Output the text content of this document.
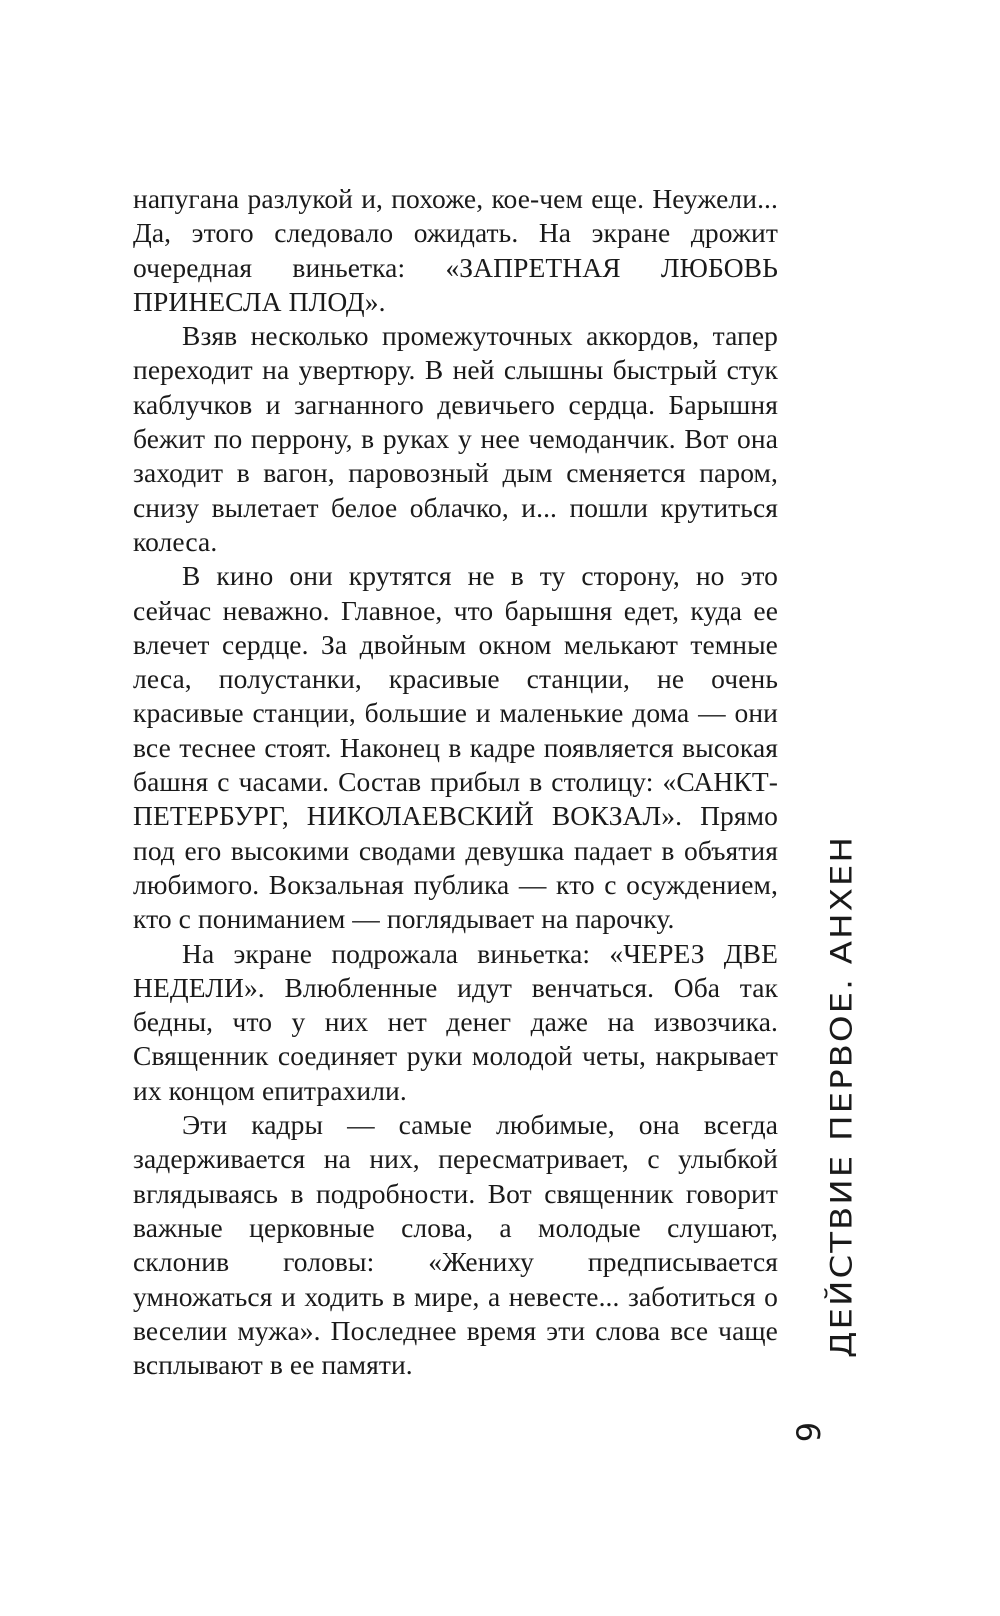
напугана разлукой и, похоже, кое-чем еще. Неужели... Да, этого следовало ожидать. На экране дрожит очередная виньетка: «ЗАПРЕТНАЯ ЛЮБОВЬ ПРИНЕСЛА ПЛОД».

Взяв несколько промежуточных аккордов, тапер переходит на увертюру. В ней слышны быстрый стук каблучков и загнанного девичьего сердца. Барышня бежит по перрону, в руках у нее чемоданчик. Вот она заходит в вагон, паровозный дым сменяется паром, снизу вылетает белое облачко, и... пошли крутиться колеса.

В кино они крутятся не в ту сторону, но это сейчас неважно. Главное, что барышня едет, куда ее влечет сердце. За двойным окном мелькают темные леса, полустанки, красивые станции, не очень красивые станции, большие и маленькие дома — они все теснее стоят. Наконец в кадре появляется высокая башня с часами. Состав прибыл в столицу: «САНКТ-ПЕТЕРБУРГ, НИКОЛАЕВСКИЙ ВОКЗАЛ». Прямо под его высокими сводами девушка падает в объятия любимого. Вокзальная публика — кто с осуждением, кто с пониманием — поглядывает на парочку.

На экране подрожала виньетка: «ЧЕРЕЗ ДВЕ НЕДЕЛИ». Влюбленные идут венчаться. Оба так бедны, что у них нет денег даже на извозчика. Священник соединяет руки молодой четы, накрывает их концом епитрахили.

Эти кадры — самые любимые, она всегда задерживается на них, пересматривает, с улыбкой вглядываясь в подробности. Вот священник говорит важные церковные слова, а молодые слушают, склонив головы: «Жениху предписывается умножаться и ходить в мире, а невесте... заботиться о веселии мужа». Последнее время эти слова все чаще всплывают в ее памяти.

ДЕЙСТВИЕ ПЕРВОЕ. АНХЕН
9
